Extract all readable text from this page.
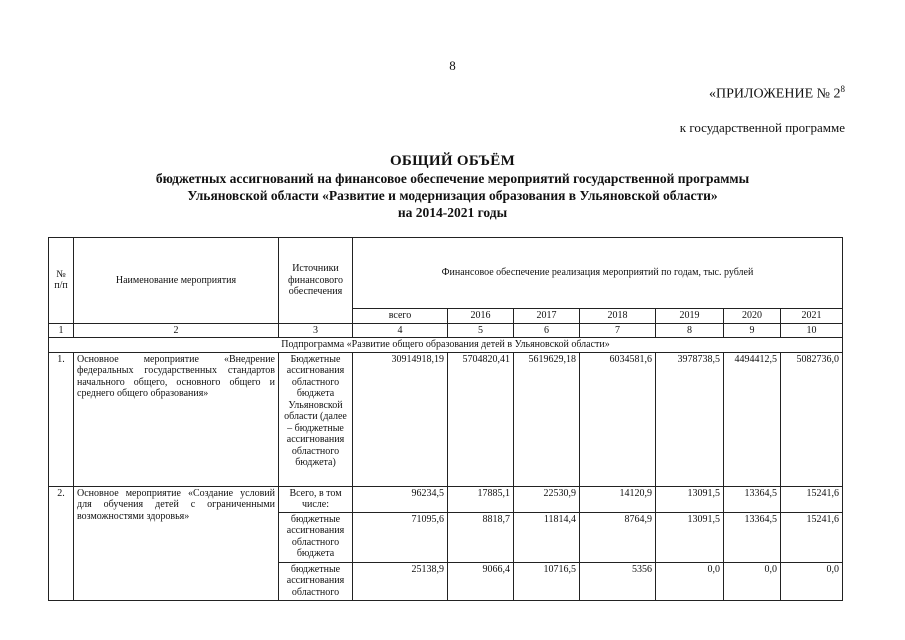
8
«ПРИЛОЖЕНИЕ № $2^8$
к государственной программе
ОБЩИЙ ОБЪЁМ
бюджетных ассигнований на финансовое обеспечение мероприятий государственной программы
Ульяновской области «Развитие и модернизация образования в Ульяновской области»
на 2014-2021 годы
№ п/п	Наименование мероприятия	Источники финансового обеспечения	Финансовое обеспечение реализация мероприятий по годам, тыс. рублей						
			всего	2016	2017	2018	2019	2020	2021
1	2	3	4	5	6	7	8	9	10
Подпрограмма «Развитие общего образования детей в Ульяновской области»									
1.	Основное мероприятие «Внедрение федеральных государственных стандартов начального общего, основного общего и среднего общего образования»	Бюджетные ассигнования областного бюджета Ульяновской области (далее – бюджетные ассигнования областного бюджета)	30914918,19	5704820,41	5619629,18	6034581,6	3978738,5	4494412,5	5082736,0
2.	Основное мероприятие «Создание условий для обучения детей с ограниченными возможностями здоровья»	Всего, в том числе:	96234,5	17885,1	22530,9	14120,9	13091,5	13364,5	15241,6
		бюджетные ассигнования областного бюджета	71095,6	8818,7	11814,4	8764,9	13091,5	13364,5	15241,6
		бюджетные ассигнования областного	25138,9	9066,4	10716,5	5356	0,0	0,0	0,0
